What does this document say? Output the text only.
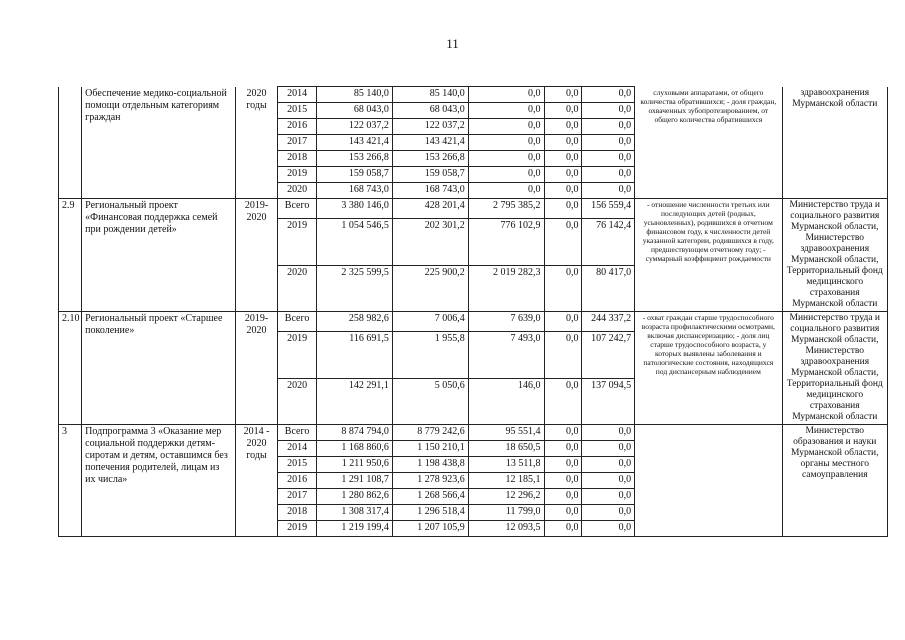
11
	Обеспечение медико-социальной помощи отдельным категориям граждан	2020 годы	2014	85 140,0	85 140,0	0,0	0,0	0,0	слуховыми аппаратами, от общего количества обратившихся; - доля граждан, охваченных зубопротезированием, от общего количества обратившихся	здравоохранения Мурманской области
			2015	68 043,0	68 043,0	0,0	0,0	0,0		
			2016	122 037,2	122 037,2	0,0	0,0	0,0		
			2017	143 421,4	143 421,4	0,0	0,0	0,0		
			2018	153 266,8	153 266,8	0,0	0,0	0,0		
			2019	159 058,7	159 058,7	0,0	0,0	0,0		
			2020	168 743,0	168 743,0	0,0	0,0	0,0		
2.9	Региональный проект «Финансовая поддержка семей при рождении детей»	2019-2020	Всего	3 380 146,0	428 201,4	2 795 385,2	0,0	156 559,4	- отношение численности третьих или последующих детей (родных, усыновленных), родившихся в отчетном финансовом году, к численности детей указанной категории, родившихся в году, предшествующем отчетному году; - суммарный коэффициент рождаемости	Министерство труда и социального развития Мурманской области, Министерство здравоохранения Мурманской области, Территориальный фонд медицинского страхования Мурманской области
			2019	1 054 546,5	202 301,2	776 102,9	0,0	76 142,4		
			2020	2 325 599,5	225 900,2	2 019 282,3	0,0	80 417,0		
2.10	Региональный проект «Старшее поколение»	2019-2020	Всего	258 982,6	7 006,4	7 639,0	0,0	244 337,2	- охват граждан старше трудоспособного возраста профилактическими осмотрами, включая диспансеризацию; - доля лиц старше трудоспособного возраста, у которых выявлены заболевания и патологические состояния, находящихся под диспансерным наблюдением	Министерство труда и социального развития Мурманской области, Министерство здравоохранения Мурманской области, Территориальный фонд медицинского страхования Мурманской области
			2019	116 691,5	1 955,8	7 493,0	0,0	107 242,7		
			2020	142 291,1	5 050,6	146,0	0,0	137 094,5		
3	Подпрограмма 3 «Оказание мер социальной поддержки детям-сиротам и детям, оставшимся без попечения родителей, лицам из их числа»	2014 - 2020 годы	Всего	8 874 794,0	8 779 242,6	95 551,4	0,0	0,0		Министерство образования и науки Мурманской области, органы местного самоуправления
			2014	1 168 860,6	1 150 210,1	18 650,5	0,0	0,0		
			2015	1 211 950,6	1 198 438,8	13 511,8	0,0	0,0		
			2016	1 291 108,7	1 278 923,6	12 185,1	0,0	0,0		
			2017	1 280 862,6	1 268 566,4	12 296,2	0,0	0,0		
			2018	1 308 317,4	1 296 518,4	11 799,0	0,0	0,0		
			2019	1 219 199,4	1 207 105,9	12 093,5	0,0	0,0		
